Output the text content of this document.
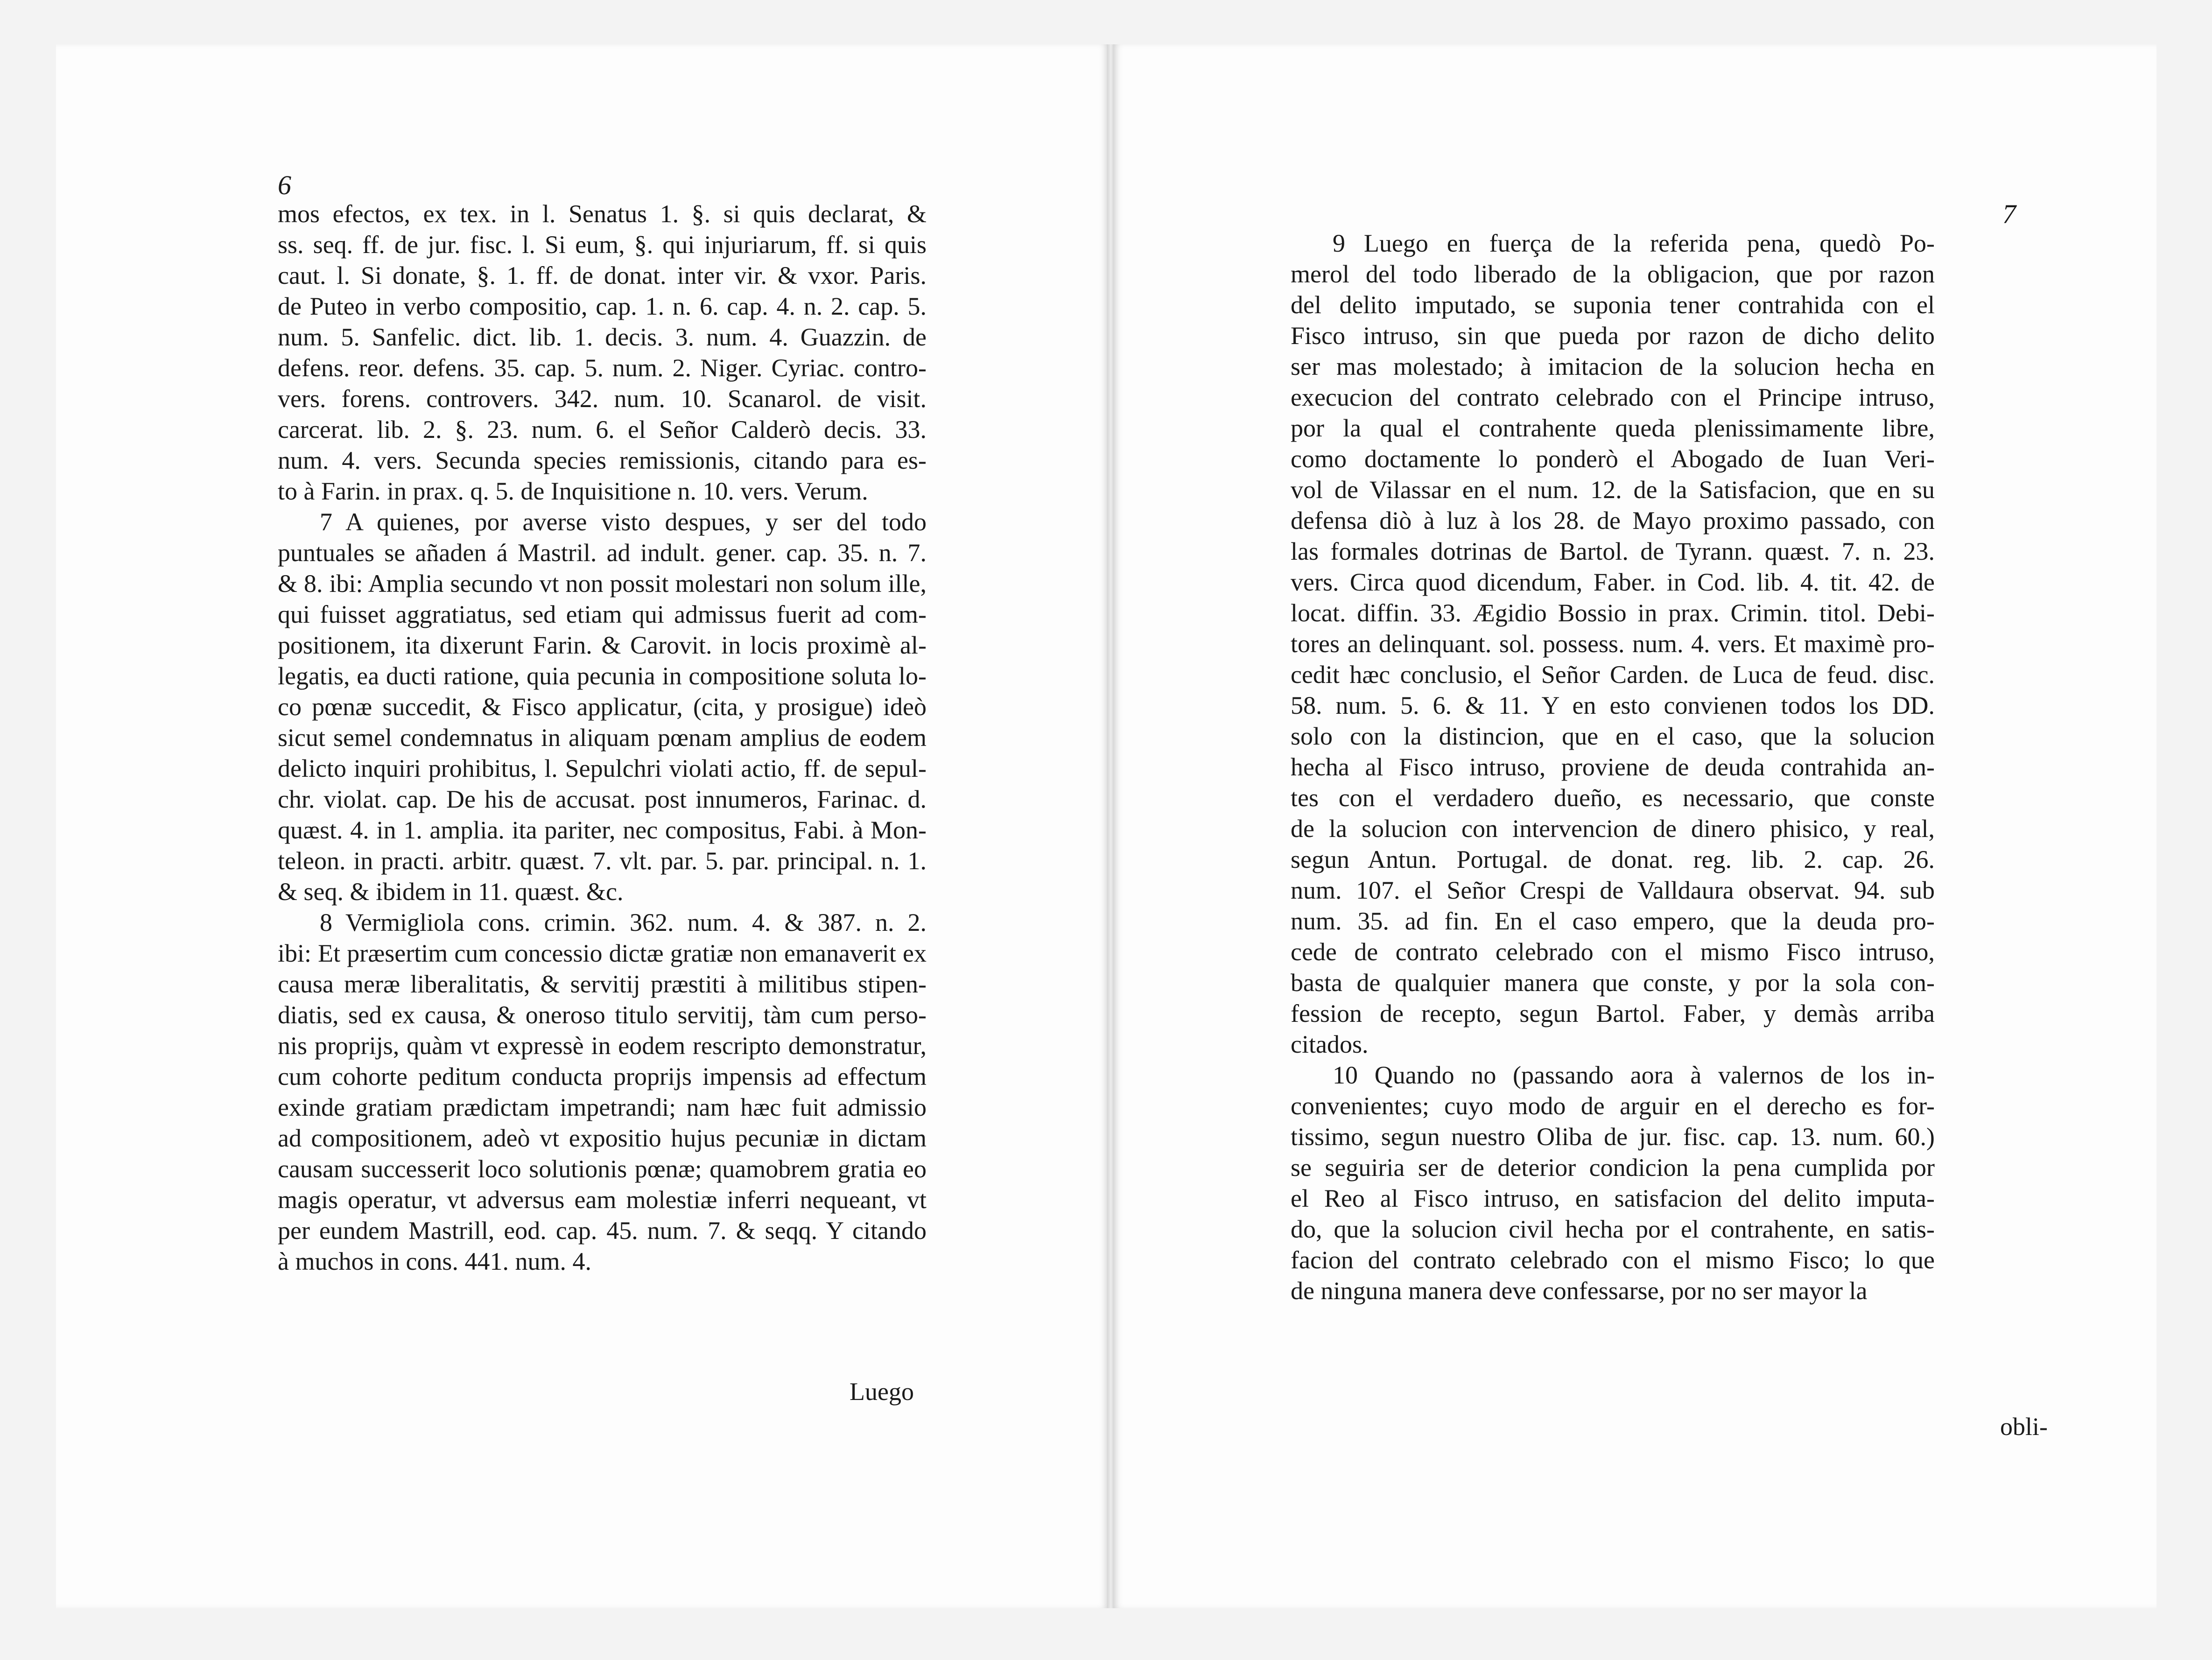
6
mos efectos, ex tex. in l. Senatus 1. §. si quis declarat, &
ss. seq. ff. de jur. fisc. l. Si eum, §. qui injuriarum, ff. si quis
caut. l. Si donate, §. 1. ff. de donat. inter vir. & vxor. Paris.
de Puteo in verbo compositio, cap. 1. n. 6. cap. 4. n. 2. cap. 5.
num. 5. Sanfelic. dict. lib. 1. decis. 3. num. 4. Guazzin. de
defens. reor. defens. 35. cap. 5. num. 2. Niger. Cyriac. contro-
vers. forens. controvers. 342. num. 10. Scanarol. de visit.
carcerat. lib. 2. §. 23. num. 6. el Señor Calderò decis. 33.
num. 4. vers. Secunda species remissionis, citando para es-
to à Farin. in prax. q. 5. de Inquisitione n. 10. vers. Verum.
7 A quienes, por averse visto despues, y ser del todo
puntuales se añaden á Mastril. ad indult. gener. cap. 35. n. 7.
& 8. ibi: Amplia secundo vt non possit molestari non solum ille,
qui fuisset aggratiatus, sed etiam qui admissus fuerit ad com-
positionem, ita dixerunt Farin. & Carovit. in locis proximè al-
legatis, ea ducti ratione, quia pecunia in compositione soluta lo-
co pœnæ succedit, & Fisco applicatur, (cita, y prosigue) ideò
sicut semel condemnatus in aliquam pœnam amplius de eodem
delicto inquiri prohibitus, l. Sepulchri violati actio, ff. de sepul-
chr. violat. cap. De his de accusat. post innumeros, Farinac. d.
quæst. 4. in 1. amplia. ita pariter, nec compositus, Fabi. à Mon-
teleon. in practi. arbitr. quæst. 7. vlt. par. 5. par. principal. n. 1.
& seq. & ibidem in 11. quæst. &c.
8 Vermigliola cons. crimin. 362. num. 4. & 387. n. 2.
ibi: Et præsertim cum concessio dictæ gratiæ non emanaverit ex
causa meræ liberalitatis, & servitij præstiti à militibus stipen-
diatis, sed ex causa, & oneroso titulo servitij, tàm cum perso-
nis proprijs, quàm vt expressè in eodem rescripto demonstratur,
cum cohorte peditum conducta proprijs impensis ad effectum
exinde gratiam prædictam impetrandi; nam hæc fuit admissio
ad compositionem, adeò vt expositio hujus pecuniæ in dictam
causam successerit loco solutionis pœnæ; quamobrem gratia eo
magis operatur, vt adversus eam molestiæ inferri nequeant, vt
per eundem Mastrill, eod. cap. 45. num. 7. & seqq. Y citando
à muchos in cons. 441. num. 4.
Luego
7
9 Luego en fuerça de la referida pena, quedò Po-
merol del todo liberado de la obligacion, que por razon
del delito imputado, se suponia tener contrahida con el
Fisco intruso, sin que pueda por razon de dicho delito
ser mas molestado; à imitacion de la solucion hecha en
execucion del contrato celebrado con el Principe intruso,
por la qual el contrahente queda plenissimamente libre,
como doctamente lo ponderò el Abogado de Iuan Veri-
vol de Vilassar en el num. 12. de la Satisfacion, que en su
defensa diò à luz à los 28. de Mayo proximo passado, con
las formales dotrinas de Bartol. de Tyrann. quæst. 7. n. 23.
vers. Circa quod dicendum, Faber. in Cod. lib. 4. tit. 42. de
locat. diffin. 33. Ægidio Bossio in prax. Crimin. titol. Debi-
tores an delinquant. sol. possess. num. 4. vers. Et maximè pro-
cedit hæc conclusio, el Señor Carden. de Luca de feud. disc.
58. num. 5. 6. & 11. Y en esto convienen todos los DD.
solo con la distincion, que en el caso, que la solucion
hecha al Fisco intruso, proviene de deuda contrahida an-
tes con el verdadero dueño, es necessario, que conste
de la solucion con intervencion de dinero phisico, y real,
segun Antun. Portugal. de donat. reg. lib. 2. cap. 26.
num. 107. el Señor Crespi de Valldaura observat. 94. sub
num. 35. ad fin. En el caso empero, que la deuda pro-
cede de contrato celebrado con el mismo Fisco intruso,
basta de qualquier manera que conste, y por la sola con-
fession de recepto, segun Bartol. Faber, y demàs arriba
citados.
10 Quando no (passando aora à valernos de los in-
convenientes; cuyo modo de arguir en el derecho es for-
tissimo, segun nuestro Oliba de jur. fisc. cap. 13. num. 60.)
se seguiria ser de deterior condicion la pena cumplida por
el Reo al Fisco intruso, en satisfacion del delito imputa-
do, que la solucion civil hecha por el contrahente, en satis-
facion del contrato celebrado con el mismo Fisco; lo que
de ninguna manera deve confessarse, por no ser mayor la
obli-
